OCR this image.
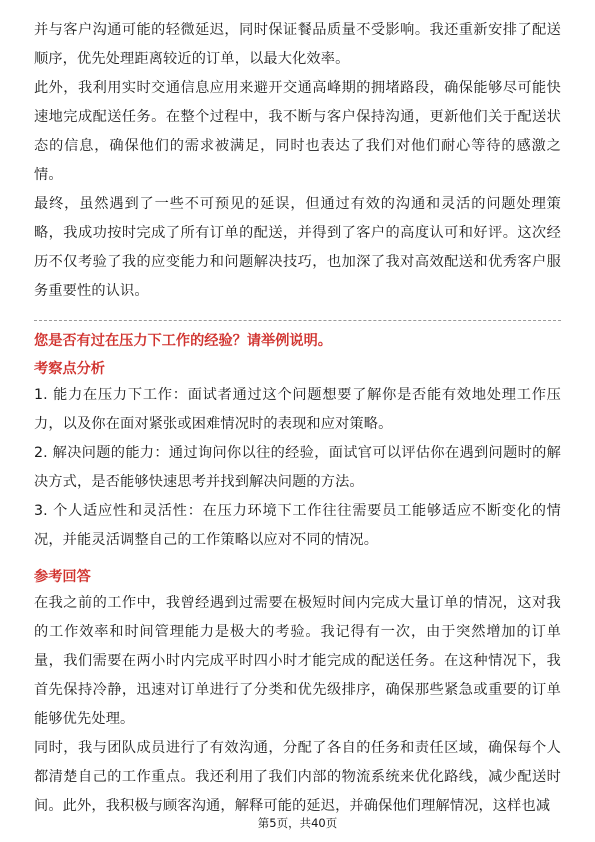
并与客户沟通可能的轻微延迟，同时保证餐品质量不受影响。我还重新安排了配送顺序，优先处理距离较近的订单，以最大化效率。

此外，我利用实时交通信息应用来避开交通高峰期的拥堵路段，确保能够尽可能快速地完成配送任务。在整个过程中，我不断与客户保持沟通，更新他们关于配送状态的信息，确保他们的需求被满足，同时也表达了我们对他们耐心等待的感激之情。

最终，虽然遇到了一些不可预见的延误，但通过有效的沟通和灵活的问题处理策略，我成功按时完成了所有订单的配送，并得到了客户的高度认可和好评。这次经历不仅考验了我的应变能力和问题解决技巧，也加深了我对高效配送和优秀客户服务重要性的认识。

您是否有过在压力下工作的经验？请举例说明。

考察点分析

1. 能力在压力下工作：面试者通过这个问题想要了解你是否能有效地处理工作压力，以及你在面对紧张或困难情况时的表现和应对策略。

2. 解决问题的能力：通过询问你以往的经验，面试官可以评估你在遇到问题时的解决方式，是否能够快速思考并找到解决问题的方法。

3. 个人适应性和灵活性：在压力环境下工作往往需要员工能够适应不断变化的情况，并能灵活调整自己的工作策略以应对不同的情况。

参考回答

在我之前的工作中，我曾经遇到过需要在极短时间内完成大量订单的情况，这对我的工作效率和时间管理能力是极大的考验。我记得有一次，由于突然增加的订单量，我们需要在两小时内完成平时四小时才能完成的配送任务。在这种情况下，我首先保持冷静，迅速对订单进行了分类和优先级排序，确保那些紧急或重要的订单能够优先处理。

同时，我与团队成员进行了有效沟通，分配了各自的任务和责任区域，确保每个人都清楚自己的工作重点。我还利用了我们内部的物流系统来优化路线，减少配送时间。此外，我积极与顾客沟通，解释可能的延迟，并确保他们理解情况，这样也减

第5页，共40页
